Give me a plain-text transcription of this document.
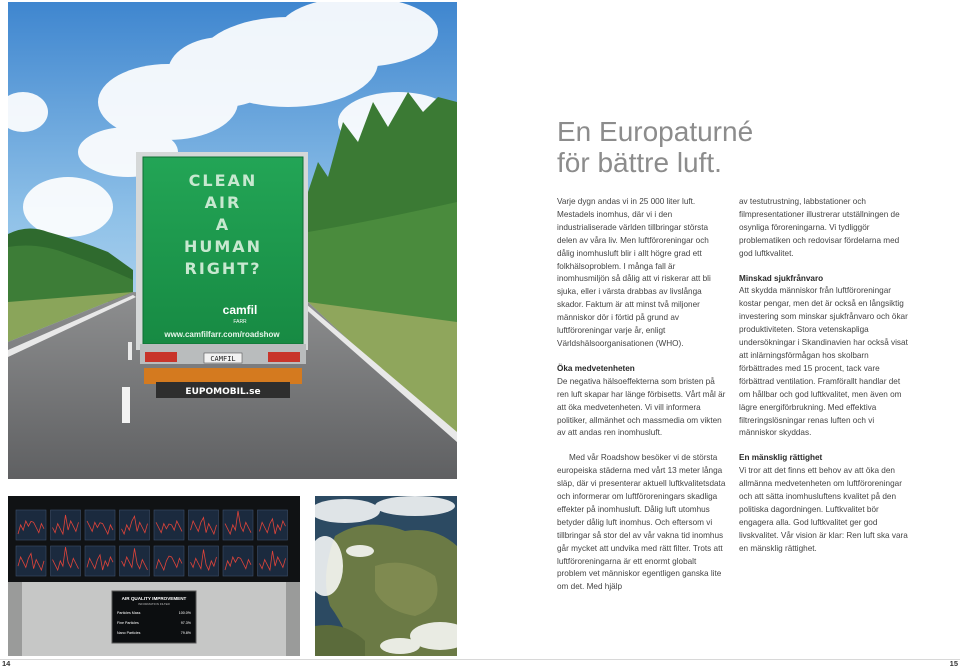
CLEAN
AIR
A
HUMAN
RIGHT?
camfil
FARR
www.camfilfarr.com/roadshow
CAMFIL
EUPOMOBIL.se
AIR QUALITY IMPROVEMENT
INFORMATION FILTER
Particles Mass	100.0%
Fine Particles	97.3%
Nano Particles	79.8%
En Europaturné
för bättre luft.

Varje dygn andas vi in 25 000 liter luft. Mestadels inomhus, där vi i den industrialiserade världen tillbringar största delen av våra liv. Men luftföroreningar och dålig inomhusluft blir i allt högre grad ett folkhälsoproblem. I många fall är inomhusmiljön så dålig att vi riskerar att bli sjuka, eller i värsta drabbas av livslånga skador. Faktum är att minst två miljoner människor dör i förtid på grund av luftföroreningar varje år, enligt Världshälsoorganisationen (WHO).

Öka medvetenheten

De negativa hälsoeffekterna som bristen på ren luft skapar har länge förbisetts. Vårt mål är att öka medvetenheten. Vi vill informera politiker, allmänhet och massmedia om vikten av att andas ren inomhusluft.

Med vår Roadshow besöker vi de största europeiska städerna med vårt 13 meter långa släp, där vi presenterar aktuell luftkvalitetsdata och informerar om luftföroreningars skadliga effekter på inomhusluft. Dålig luft utomhus betyder dålig luft inomhus. Och eftersom vi tillbringar så stor del av vår vakna tid inomhus går mycket att undvika med rätt filter. Trots att luftföroreningarna är ett enormt globalt problem vet människor egentligen ganska lite om det. Med hjälp

av testutrustning, labbstationer och filmpresentationer illustrerar utställningen de osynliga föroreningarna. Vi tydliggör problematiken och redovisar fördelarna med god luftkvalitet.

Minskad sjukfrånvaro

Att skydda människor från luftföroreningar kostar pengar, men det är också en långsiktig investering som minskar sjukfrånvaro och ökar produktiviteten. Stora vetenskapliga undersökningar i Skandinavien har också visat att inlärningsförmågan hos skolbarn förbättrades med 15 procent, tack vare förbättrad ventilation. Framförallt handlar det om hållbar och god luftkvalitet, men även om lägre energiförbrukning. Med effektiva filtreringslösningar renas luften och vi människor skyddas.

En mänsklig rättighet

Vi tror att det finns ett behov av att öka den allmänna medvetenheten om luftföroreningar och att sätta inomhusluftens kvalitet på den politiska dagordningen. Luftkvalitet bör engagera alla. God luftkvalitet ger god livskvalitet. Vår vision är klar: Ren luft ska vara en mänsklig rättighet.

14	15
